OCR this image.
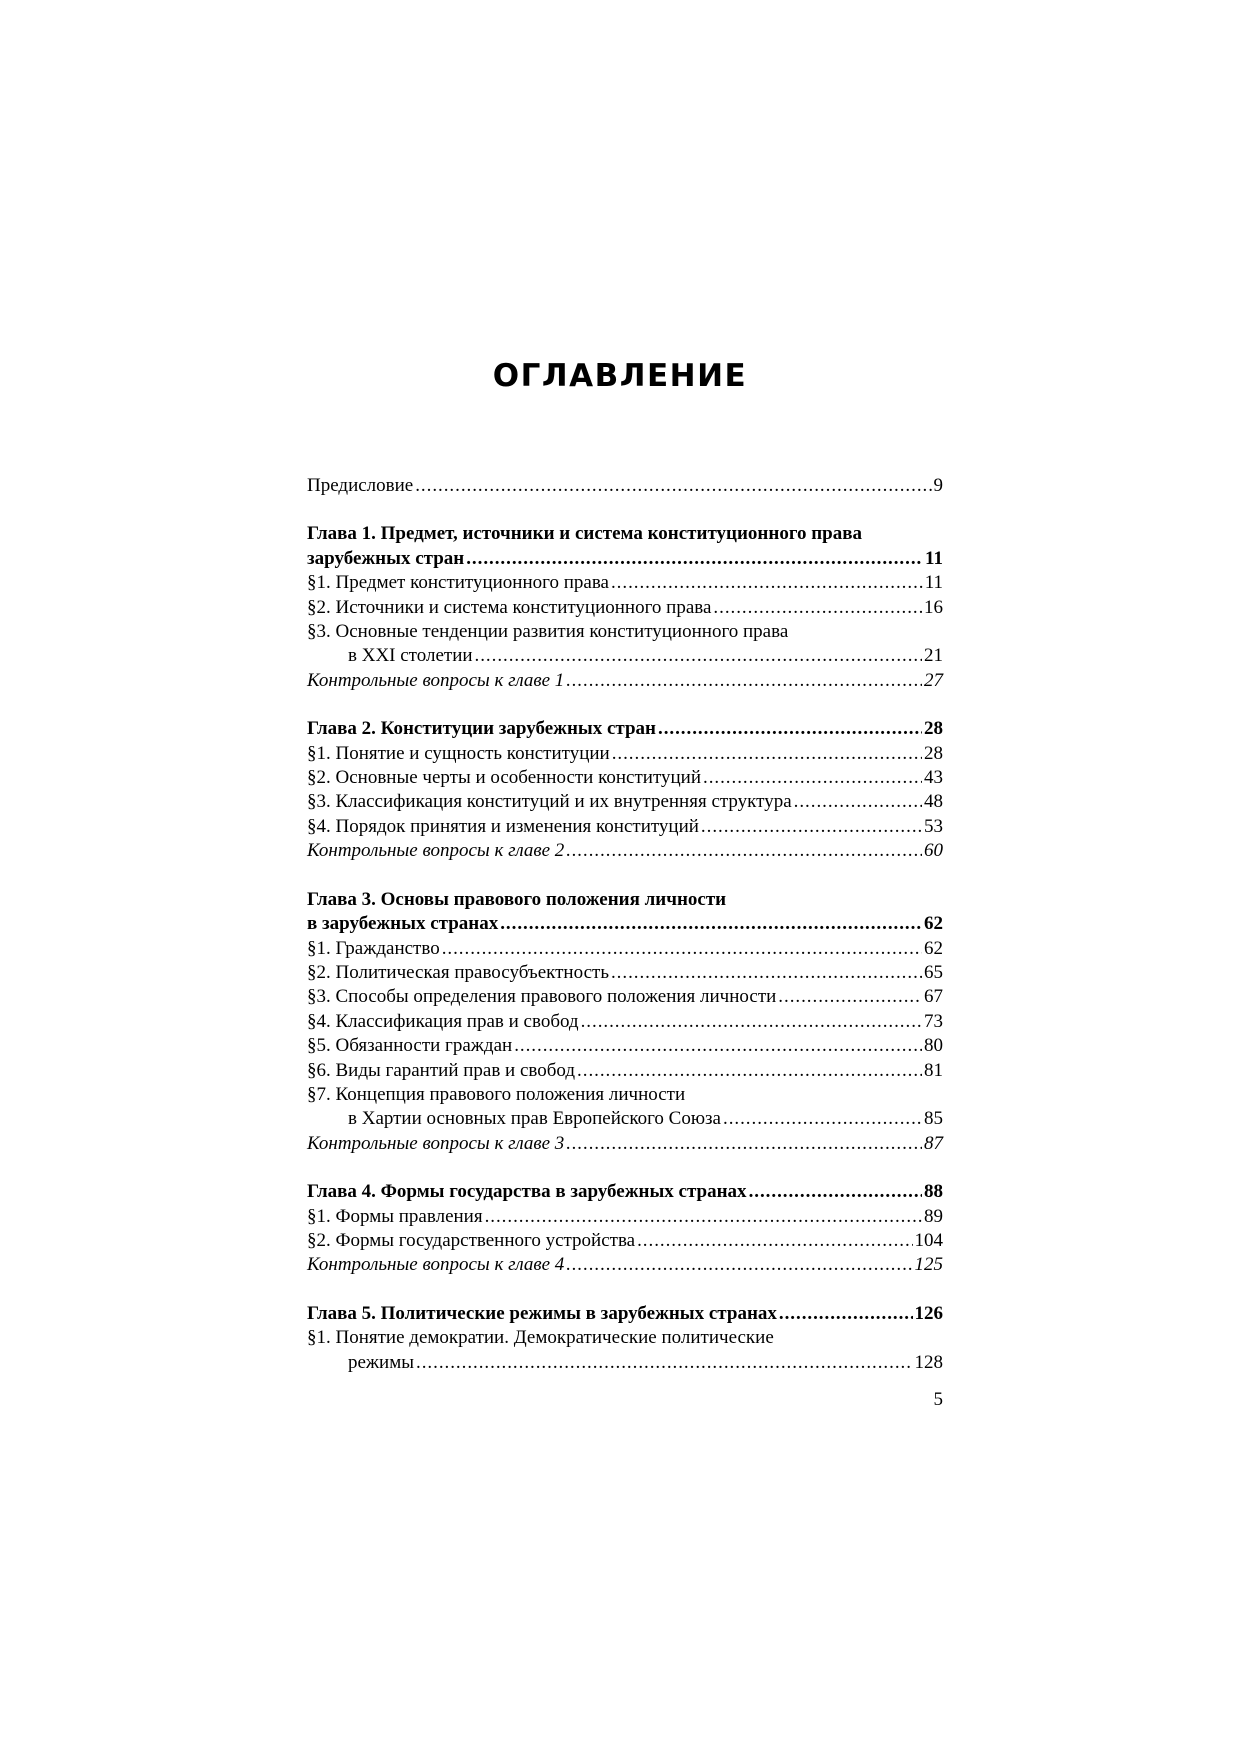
ОГЛАВЛЕНИЕ
Предисловие . . .	9
Глава 1. Предмет, источники и система конституционного права
зарубежных стран . . .	11
§1. Предмет конституционного права . . .	11
§2. Источники и система конституционного права . . .	16
§3. Основные тенденции развития конституционного права
в XXI столетии . . .	21
Контрольные вопросы к главе 1 . . .	27
Глава 2. Конституции зарубежных стран . . .	28
§1. Понятие и сущность конституции . . .	28
§2. Основные черты и особенности конституций . . .	43
§3. Классификация конституций и их внутренняя структура . . .	48
§4. Порядок принятия и изменения конституций . . .	53
Контрольные вопросы к главе 2 . . .	60
Глава 3. Основы правового положения личности
в зарубежных странах . . .	62
§1. Гражданство . . .	62
§2. Политическая правосубъектность . . .	65
§3. Способы определения правового положения личности . . .	67
§4. Классификация прав и свобод . . .	73
§5. Обязанности граждан . . .	80
§6. Виды гарантий прав и свобод . . .	81
§7. Концепция правового положения личности
в Хартии основных прав Европейского Союза . . .	85
Контрольные вопросы к главе 3 . . .	87
Глава 4. Формы государства в зарубежных странах . . .	88
§1. Формы правления . . .	89
§2. Формы государственного устройства . . .	104
Контрольные вопросы к главе 4 . . .	125
Глава 5. Политические режимы в зарубежных странах . . .	126
§1. Понятие демократии. Демократические политические
режимы . . .	128
5
